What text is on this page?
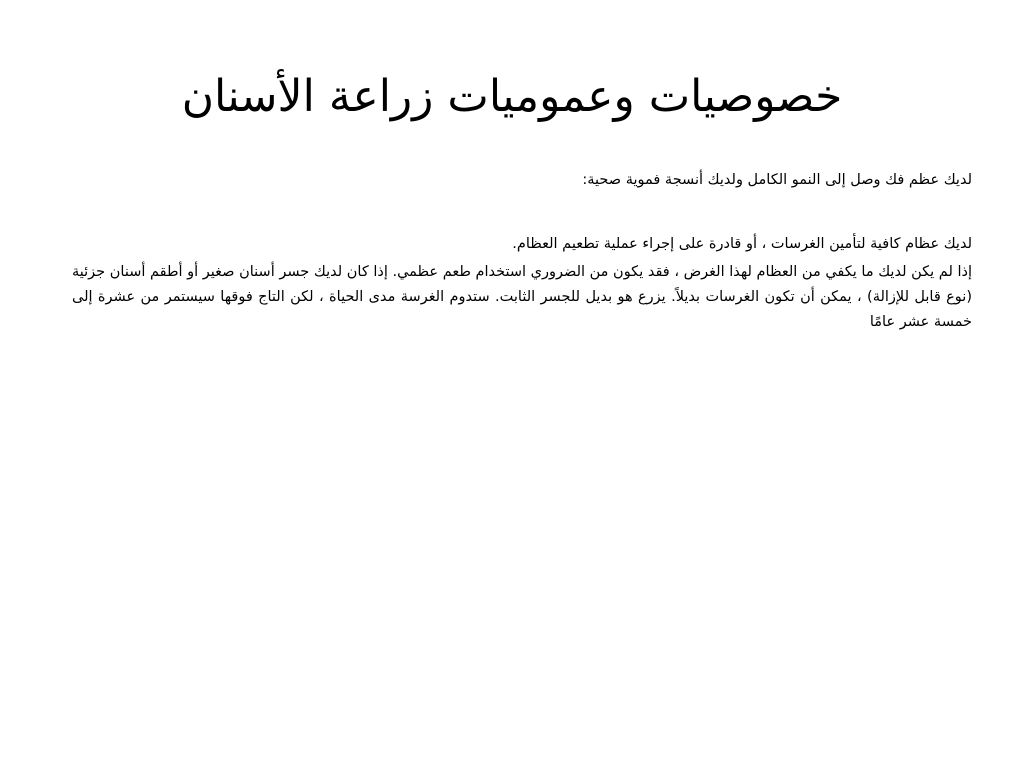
خصوصيات وعموميات زراعة الأسنان

لديك عظم فك وصل إلى النمو الكامل ولديك أنسجة فموية صحية:

لديك عظام كافية لتأمين الغرسات ، أو قادرة على إجراء عملية تطعيم العظام.

إذا لم يكن لديك ما يكفي من العظام لهذا الغرض ، فقد يكون من الضروري استخدام طعم عظمي. إذا كان لديك جسر أسنان صغير أو أطقم أسنان جزئية (نوع قابل للإزالة) ، يمكن أن تكون الغرسات بديلاً. يزرع هو بديل للجسر الثابت. ستدوم الغرسة مدى الحياة ، لكن التاج فوقها سيستمر من عشرة إلى خمسة عشر عامًا
